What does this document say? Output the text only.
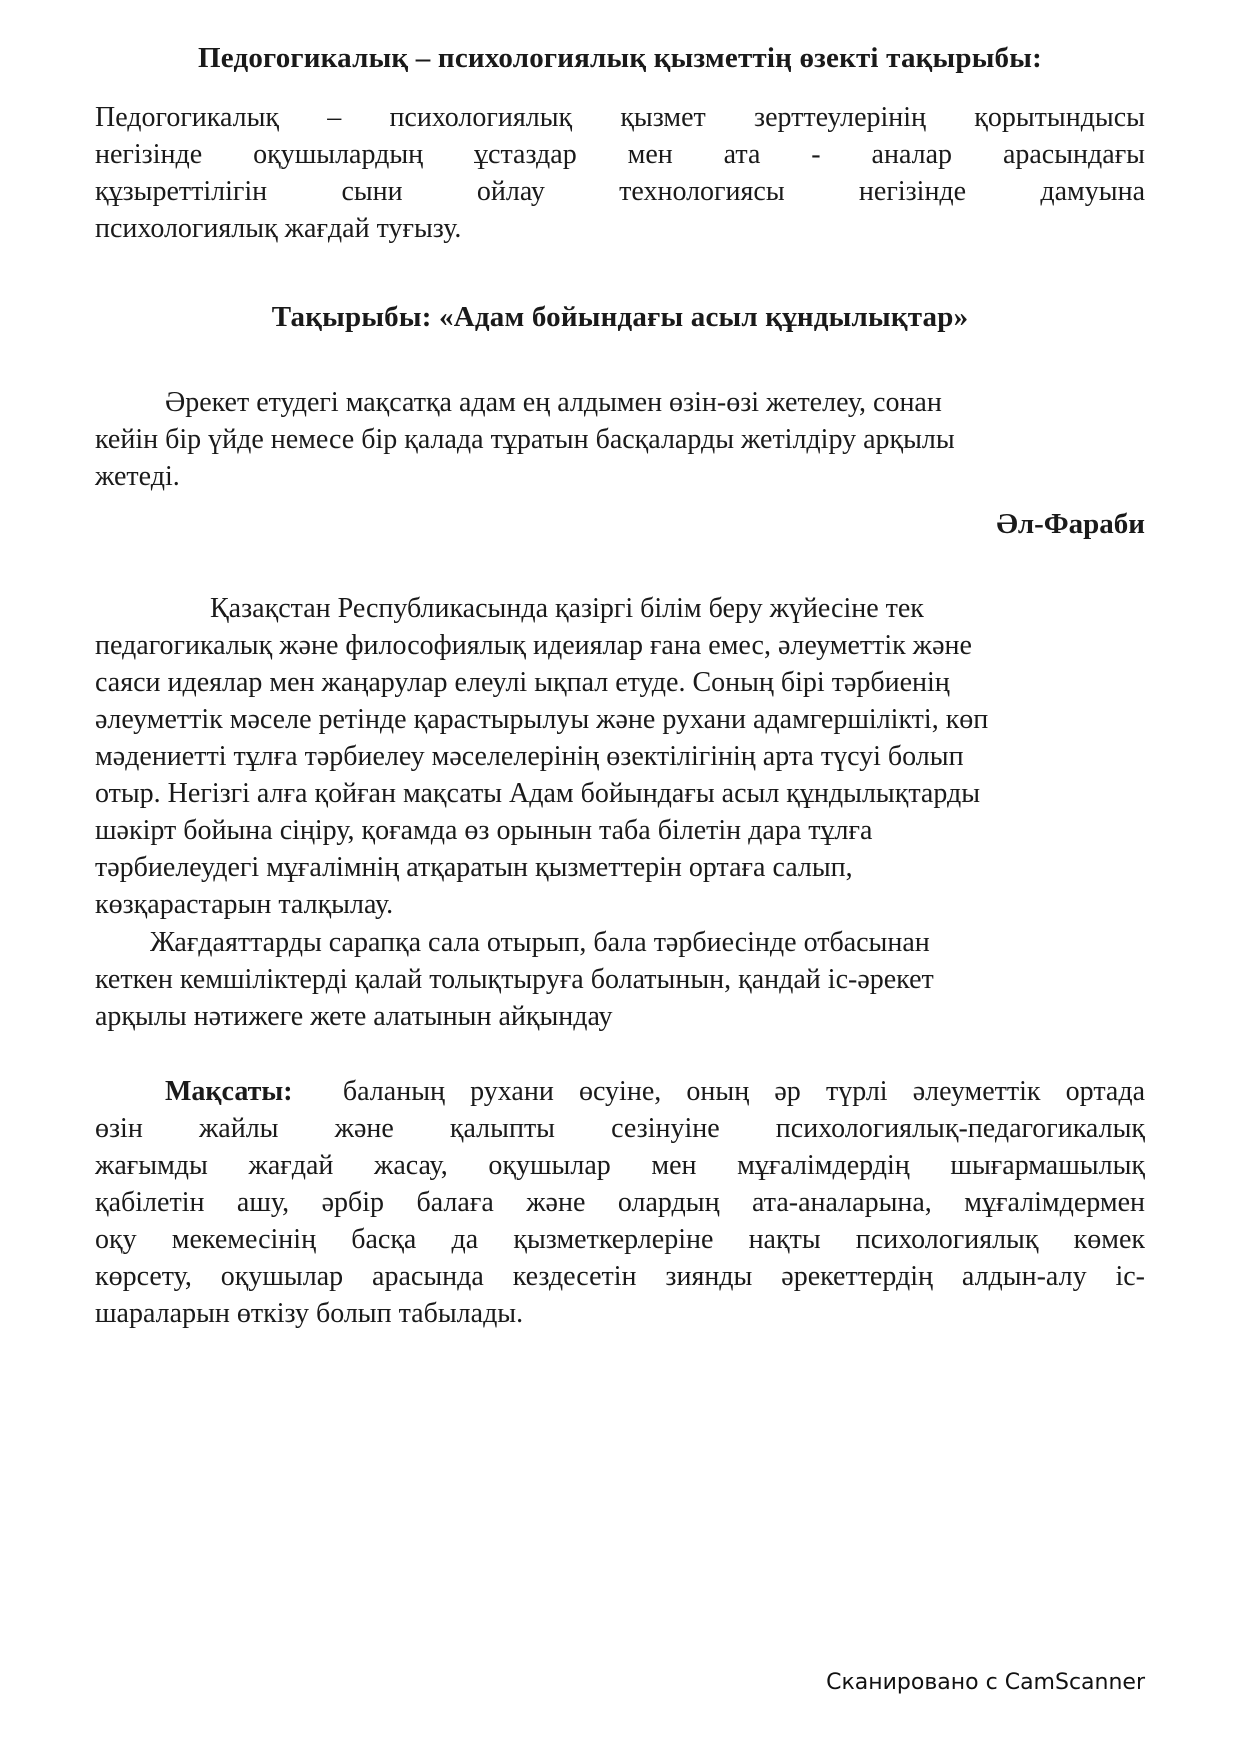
Педогогикалық – психологиялық қызметтің өзекті тақырыбы:
Педогогикалық – психологиялық қызмет зерттеулерінің қорытындысы
негізінде оқушылардың ұстаздар мен ата - аналар арасындағы
құзыреттілігін сыни ойлау технологиясы негізінде дамуына
психологиялық жағдай туғызу.
Тақырыбы: «Адам бойындағы асыл құндылықтар»
Әрекет етудегі мақсатқа адам ең алдымен өзін-өзі жетелеу, сонан
кейін бір үйде немесе бір қалада тұратын басқаларды жетілдіру арқылы
жетеді.
Әл-Фараби
Қазақстан Республикасында қазіргі білім беру жүйесіне тек
педагогикалық және философиялық идеиялар ғана емес, әлеуметтік және
саяси идеялар мен жаңарулар елеулі ықпал етуде. Соның бірі тәрбиенің
әлеуметтік мәселе ретінде қарастырылуы және рухани адамгершілікті, көп
мәдениетті тұлға тәрбиелеу мәселелерінің өзектілігінің арта түсуі болып
отыр. Негізгі алға қойған мақсаты Адам бойындағы асыл құндылықтарды
шәкірт бойына сіңіру, қоғамда өз орынын таба білетін дара тұлға
тәрбиелеудегі мұғалімнің атқаратын қызметтерін ортаға салып,
көзқарастарын талқылау.
Жағдаяттарды сарапқа сала отырып, бала тәрбиесінде отбасынан
кеткен кемшіліктерді қалай толықтыруға болатынын, қандай іс-әрекет
арқылы нәтижеге жете алатынын айқындау
Мақсаты: баланың рухани өсуіне, оның әр түрлі әлеуметтік ортада
өзін жайлы және қалыпты сезінуіне психологиялық-педагогикалық
жағымды жағдай жасау, оқушылар мен мұғалімдердің шығармашылық
қабілетін ашу, әрбір балаға және олардың ата-аналарына, мұғалімдермен
оқу мекемесінің басқа да қызметкерлеріне нақты психологиялық көмек
көрсету, оқушылар арасында кездесетін зиянды әрекеттердің алдын-алу іс-
шараларын өткізу болып табылады.
Сканировано с CamScanner
